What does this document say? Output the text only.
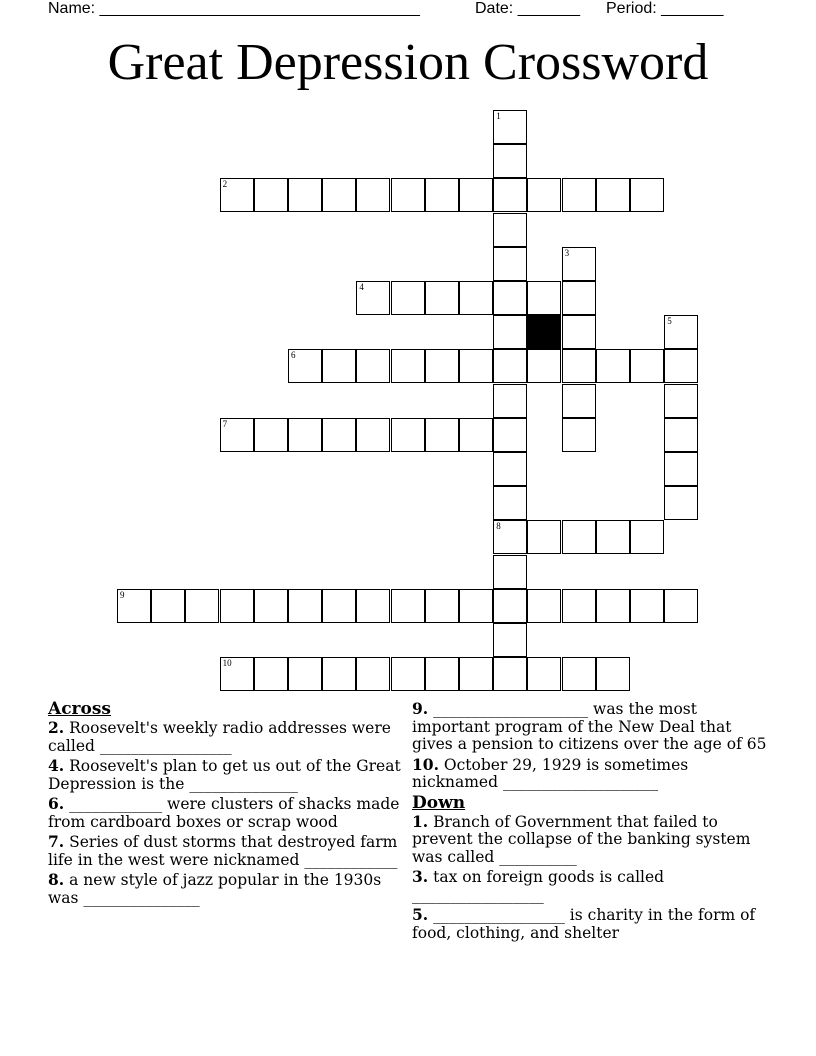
Name: ____________________________________	Date: _______ Period: _______
Great Depression Crossword
1
8
2
3
4
5
6
7
9
10
Across
2. Roosevelt's weekly radio addresses were called _________________
4. Roosevelt's plan to get us out of the Great Depression is the ______________
6. ____________ were clusters of shacks made from cardboard boxes or scrap wood
7. Series of dust storms that destroyed farm life in the west were nicknamed ____________
8. a new style of jazz popular in the 1930s was _______________
9. ____________________ was the most important program of the New Deal that gives a pension to citizens over the age of 65
10. October 29, 1929 is sometimes nicknamed ____________________
Down
1. Branch of Government that failed to prevent the collapse of the banking system was called __________
3. tax on foreign goods is called _________________
5. _________________ is charity in the form of food, clothing, and shelter
